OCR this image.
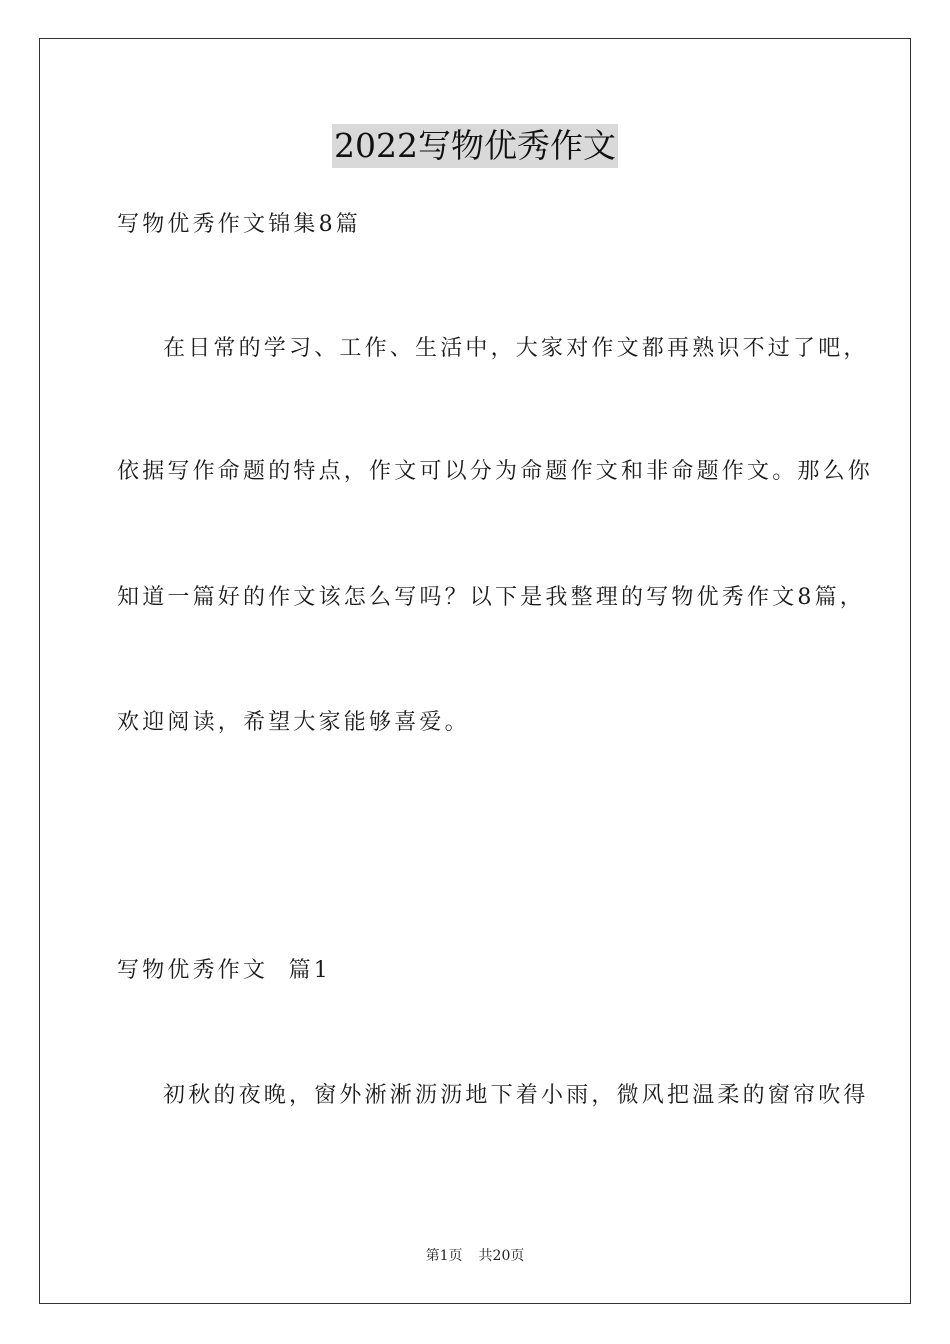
2022写物优秀作文
写物优秀作文锦集8篇
在日常的学习、工作、生活中，大家对作文都再熟识不过了吧，
依据写作命题的特点，作文可以分为命题作文和非命题作文。那么你
知道一篇好的作文该怎么写吗？以下是我整理的写物优秀作文8篇，
欢迎阅读，希望大家能够喜爱。
写物优秀作文  篇1
初秋的夜晚，窗外淅淅沥沥地下着小雨，微风把温柔的窗帘吹得
第1页 共20页
